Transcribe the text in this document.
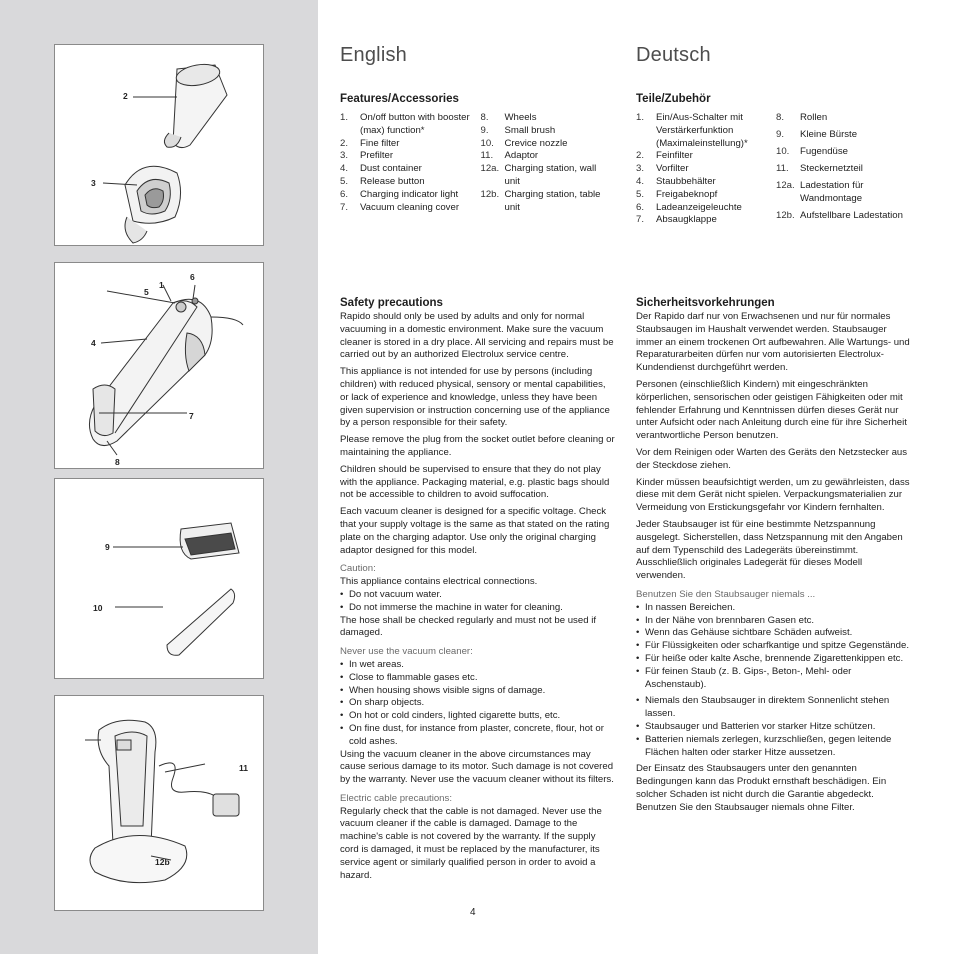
2
3
1
6
5
4
7
8
9
10
11
12b
English
Features/Accessories
1.	On/off button with booster (max) function*
2.	Fine filter
3.	Prefilter
4.	Dust container
5.	Release button
6.	Charging indicator light
7.	Vacuum cleaning cover
8.	Wheels
9.	Small brush
10.	Crevice nozzle
11.	Adaptor
12a. Charging station, wall unit
12b. Charging station, table unit
Safety precautions

Rapido should only be used by adults and only for normal vacuuming in a domestic environment. Make sure the vacuum cleaner is stored in a dry place. All servicing and repairs must be carried out by an authorized Electrolux service centre.

This appliance is not intended for use by persons (including children) with reduced physical, sensory or mental capabilities, or lack of experience and knowledge, unless they have been given supervision or instruction concerning use of the appliance by a person responsible for their safety.

Please remove the plug from the socket outlet before cleaning or maintaining the appliance.

Children should be supervised to ensure that they do not play with the appliance. Packaging material, e.g. plastic bags should not be accessible to children to avoid suffocation.

Each vacuum cleaner is designed for a specific voltage. Check that your supply voltage is the same as that stated on the rating plate on the charging adaptor. Use only the original charging adaptor designed for this model.

Caution:
This appliance contains electrical connections.
• Do not vacuum water.
• Do not immerse the machine in water for cleaning.

The hose shall be checked regularly and must not be used if damaged.

Never use the vacuum cleaner:
• In wet areas.
• Close to flammable gases etc.
• When housing shows visible signs of damage.
• On sharp objects.
• On hot or cold cinders, lighted cigarette butts, etc.
• On fine dust, for instance from plaster, concrete, flour, hot or cold ashes.

Using the vacuum cleaner in the above circumstances may cause serious damage to its motor. Such damage is not covered by the warranty. Never use the vacuum cleaner without its filters.

Electric cable precautions:

Regularly check that the cable is not damaged. Never use the vacuum cleaner if the cable is damaged. Damage to the machine's cable is not covered by the warranty. If the supply cord is damaged, it must be replaced by the manufacturer, its service agent or similarly qualified person in order to avoid a hazard.

Deutsch
Teile/Zubehör
1.	Ein/Aus-Schalter mit Verstärkerfunktion (Maximaleinstellung)*
2.	Feinfilter
3.	Vorfilter
4.	Staubbehälter
5.	Freigabeknopf
6.	Ladeanzeigeleuchte
7.	Absaugklappe
8.	Rollen
9.	Kleine Bürste
10.	Fugendüse
11.	Steckernetzteil
12a. Ladestation für Wandmontage
12b. Aufstellbare Ladestation
Sicherheitsvorkehrungen

Der Rapido darf nur von Erwachsenen und nur für normales Staubsaugen im Haushalt verwendet werden. Staubsauger immer an einem trockenen Ort aufbewahren. Alle Wartungs- und Reparaturarbeiten dürfen nur vom autorisierten Electrolux-Kundendienst durchgeführt werden.

Personen (einschließlich Kindern) mit eingeschränkten körperlichen, sensorischen oder geistigen Fähigkeiten oder mit fehlender Erfahrung und Kenntnissen dürfen dieses Gerät nur unter Aufsicht oder nach Anleitung durch eine für ihre Sicherheit verantwortliche Person benutzen.

Vor dem Reinigen oder Warten des Geräts den Netzstecker aus der Steckdose ziehen.

Kinder müssen beaufsichtigt werden, um zu gewährleisten, dass diese mit dem Gerät nicht spielen. Verpackungsmaterialien zur Vermeidung von Erstickungsgefahr vor Kindern fernhalten.

Jeder Staubsauger ist für eine bestimmte Netzspannung ausgelegt. Sicherstellen, dass Netzspannung mit den Angaben auf dem Typenschild des Ladegeräts übereinstimmt. Ausschließlich originales Ladegerät für dieses Modell verwenden.

Benutzen Sie den Staubsauger niemals ...
• In nassen Bereichen.
• In der Nähe von brennbaren Gasen etc.
• Wenn das Gehäuse sichtbare Schäden aufweist.
• Für Flüssigkeiten oder scharfkantige und spitze Gegenstände.
• Für heiße oder kalte Asche, brennende Zigarettenkippen etc.
• Für feinen Staub (z. B. Gips-, Beton-, Mehl- oder Aschenstaub).
• Niemals den Staubsauger in direktem Sonnenlicht stehen lassen.
• Staubsauger und Batterien vor starker Hitze schützen.
• Batterien niemals zerlegen, kurzschließen, gegen leitende Flächen halten oder starker Hitze aussetzen.

Der Einsatz des Staubsaugers unter den genannten Bedingungen kann das Produkt ernsthaft beschädigen. Ein solcher Schaden ist nicht durch die Garantie abgedeckt. Benutzen Sie den Staubsauger niemals ohne Filter.

4
